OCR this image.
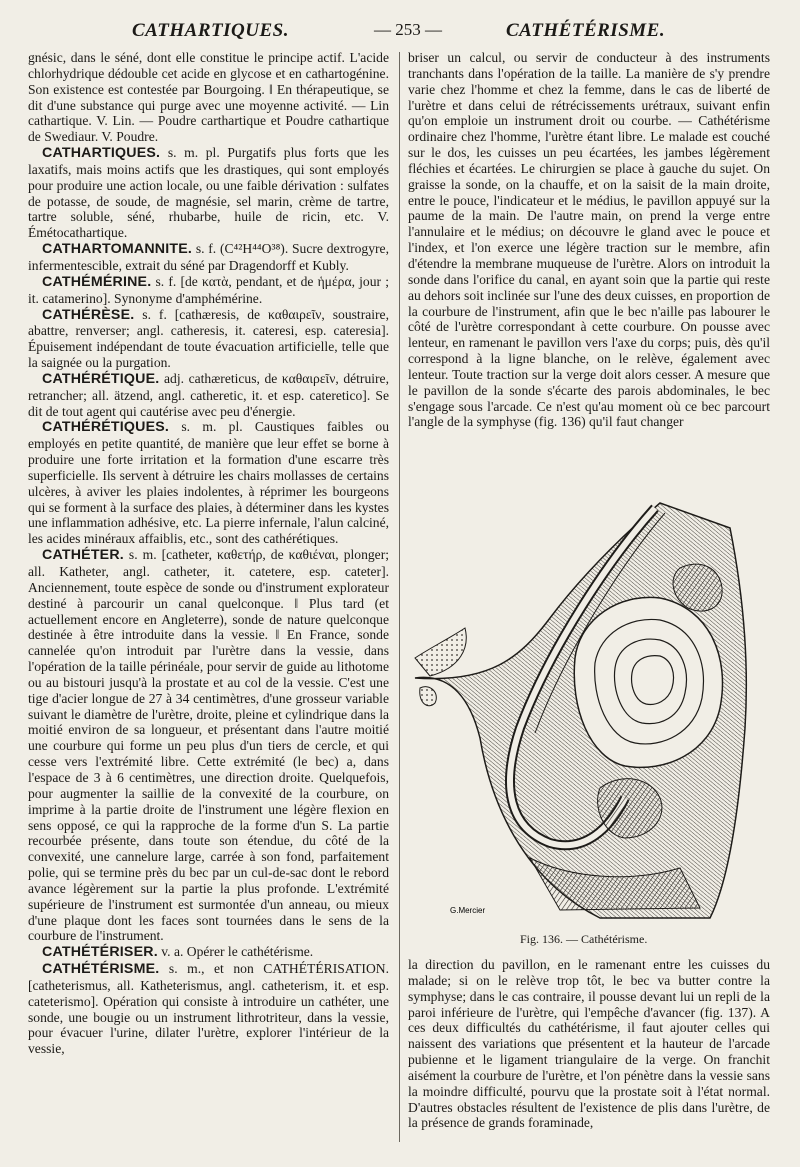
CATHARTIQUES.	— 253 —	CATHÉTÉRISME.

gnésic, dans le séné, dont elle constitue le principe actif. L'acide chlorhydrique dédouble cet acide en glycose et en cathartogénine. Son existence est contestée par Bourgoing. ‖ En thérapeutique, se dit d'une substance qui purge avec une moyenne activité. — Lin cathartique. V. Lin. — Poudre carthartique et Poudre cathartique de Swediaur. V. Poudre.

CATHARTIQUES. s. m. pl. Purgatifs plus forts que les laxatifs, mais moins actifs que les drastiques, qui sont employés pour produire une action locale, ou une faible dérivation : sulfates de potasse, de soude, de magnésie, sel marin, crème de tartre, tartre soluble, séné, rhubarbe, huile de ricin, etc. V. Émétocathartique.

CATHARTOMANNITE. s. f. (C⁴²H⁴⁴O³⁸). Sucre dextrogyre, infermentescible, extrait du séné par Dragendorff et Kubly.

CATHÉMÉRINE. s. f. [de κατὰ, pendant, et de ἡμέρα, jour ; it. catamerino]. Synonyme d'amphémérine.

CATHÉRÈSE. s. f. [cathæresis, de καθαιρεῖν, soustraire, abattre, renverser; angl. catheresis, it. cateresi, esp. cateresia]. Épuisement indépendant de toute évacuation artificielle, telle que la saignée ou la purgation.

CATHÉRÉTIQUE. adj. cathæreticus, de καθαιρεῖν, détruire, retrancher; all. ätzend, angl. catheretic, it. et esp. cateretico]. Se dit de tout agent qui cautérise avec peu d'énergie.

CATHÉRÉTIQUES. s. m. pl. Caustiques faibles ou employés en petite quantité, de manière que leur effet se borne à produire une forte irritation et la formation d'une escarre très superficielle. Ils servent à détruire les chairs mollasses de certains ulcères, à aviver les plaies indolentes, à réprimer les bourgeons qui se forment à la surface des plaies, à déterminer dans les kystes une inflammation adhésive, etc. La pierre infernale, l'alun calciné, les acides minéraux affaiblis, etc., sont des cathérétiques.

CATHÉTER. s. m. [catheter, καθετήρ, de καθιέναι, plonger; all. Katheter, angl. catheter, it. catetere, esp. cateter]. Anciennement, toute espèce de sonde ou d'instrument explorateur destiné à parcourir un canal quelconque. ‖ Plus tard (et actuellement encore en Angleterre), sonde de nature quelconque destinée à être introduite dans la vessie. ‖ En France, sonde cannelée qu'on introduit par l'urètre dans la vessie, dans l'opération de la taille périnéale, pour servir de guide au lithotome ou au bistouri jusqu'à la prostate et au col de la vessie. C'est une tige d'acier longue de 27 à 34 centimètres, d'une grosseur variable suivant le diamètre de l'urètre, droite, pleine et cylindrique dans la moitié environ de sa longueur, et présentant dans l'autre moitié une courbure qui forme un peu plus d'un tiers de cercle, et qui cesse vers l'extrémité libre. Cette extrémité (le bec) a, dans l'espace de 3 à 6 centimètres, une direction droite. Quelquefois, pour augmenter la saillie de la convexité de la courbure, on imprime à la partie droite de l'instrument une légère flexion en sens opposé, ce qui la rapproche de la forme d'un S. La partie recourbée présente, dans toute son étendue, du côté de la convexité, une cannelure large, carrée à son fond, parfaitement polie, qui se termine près du bec par un cul-de-sac dont le rebord avance légèrement sur la partie la plus profonde. L'extrémité supérieure de l'instrument est surmontée d'un anneau, ou mieux d'une plaque dont les faces sont tournées dans le sens de la courbure de l'instrument.

CATHÉTÉRISER. v. a. Opérer le cathétérisme.

CATHÉTÉRISME. s. m., et non CATHÉTÉRISATION. [catheterismus, all. Katheterismus, angl. catheterism, it. et esp. cateterismo]. Opération qui consiste à introduire un cathéter, une sonde, une bougie ou un instrument lithrotriteur, dans la vessie, pour évacuer l'urine, dilater l'urètre, explorer l'intérieur de la vessie,

briser un calcul, ou servir de conducteur à des instruments tranchants dans l'opération de la taille. La manière de s'y prendre varie chez l'homme et chez la femme, dans le cas de liberté de l'urètre et dans celui de rétrécissements urétraux, suivant enfin qu'on emploie un instrument droit ou courbe. — Cathétérisme ordinaire chez l'homme, l'urètre étant libre. Le malade est couché sur le dos, les cuisses un peu écartées, les jambes légèrement fléchies et écartées. Le chirurgien se place à gauche du sujet. On graisse la sonde, on la chauffe, et on la saisit de la main droite, entre le pouce, l'indicateur et le médius, le pavillon appuyé sur la paume de la main. De l'autre main, on prend la verge entre l'annulaire et le médius; on découvre le gland avec le pouce et l'index, et l'on exerce une légère traction sur le membre, afin d'étendre la membrane muqueuse de l'urètre. Alors on introduit la sonde dans l'orifice du canal, en ayant soin que la partie qui reste au dehors soit inclinée sur l'une des deux cuisses, en proportion de la courbure de l'instrument, afin que le bec n'aille pas labourer le côté de l'urètre correspondant à cette courbure. On pousse avec lenteur, en ramenant le pavillon vers l'axe du corps; puis, dès qu'il correspond à la ligne blanche, on le relève, également avec lenteur. Toute traction sur la verge doit alors cesser. A mesure que le pavillon de la sonde s'écarte des parois abdominales, le bec s'engage sous l'arcade. Ce n'est qu'au moment où ce bec parcourt l'angle de la symphyse (fig. 136) qu'il faut changer

G.Mercier
Fig. 136. — Cathétérisme.

la direction du pavillon, en le ramenant entre les cuisses du malade; si on le relève trop tôt, le bec va butter contre la symphyse; dans le cas contraire, il pousse devant lui un repli de la paroi inférieure de l'urètre, qui l'empêche d'avancer (fig. 137). A ces deux difficultés du cathétérisme, il faut ajouter celles qui naissent des variations que présentent et la hauteur de l'arcade pubienne et le ligament triangulaire de la verge. On franchit aisément la courbure de l'urètre, et l'on pénètre dans la vessie sans la moindre difficulté, pourvu que la prostate soit à l'état normal. D'autres obstacles résultent de l'existence de plis dans l'urètre, de la présence de grands foraminade,
